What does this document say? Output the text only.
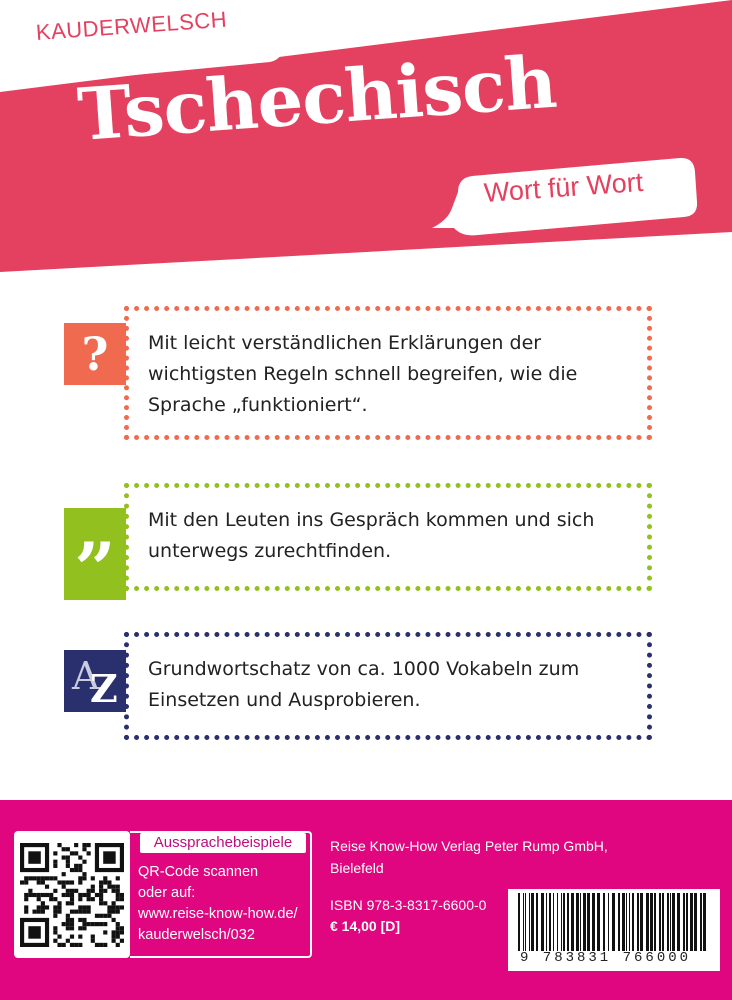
KAUDERWELSCH
Tschechisch
Wort für Wort
Mit leicht verständlichen Erklärungen der
wichtigsten Regeln schnell begreifen, wie die
Sprache „funktioniert“.
?
Mit den Leuten ins Gespräch kommen und sich
unterwegs zurechtfinden.
”
Grundwortschatz von ca. 1000 Vokabeln zum
Einsetzen und Ausprobieren.
A
Z
Aussprachebeispiele
QR-Code scannen
oder auf:
www.reise-know-how.de/
kauderwelsch/032
Reise Know-How Verlag Peter Rump GmbH,
Bielefeld
ISBN 978-3-8317-6600-0
€ 14,00 [D]
9 783831 766000
